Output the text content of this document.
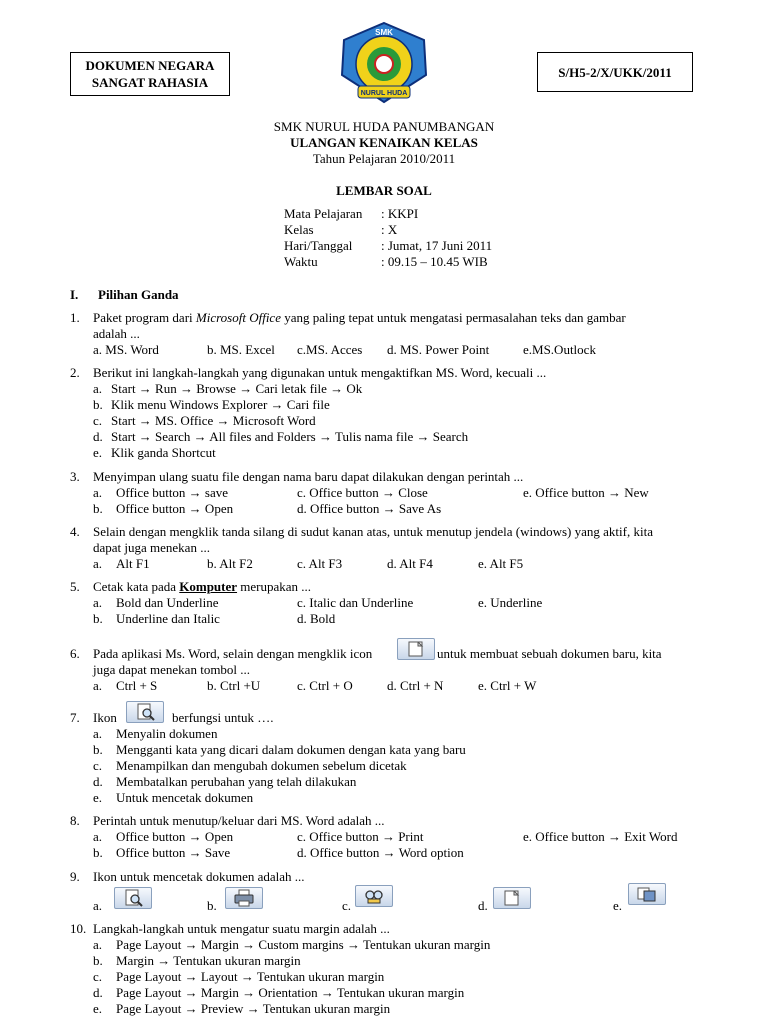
DOKUMEN NEGARA
SANGAT RAHASIA
SMK
NURUL HUDA
S/H5-2/X/UKK/2011
SMK NURUL HUDA PANUMBANGAN
ULANGAN KENAIKAN KELAS
Tahun Pelajaran 2010/2011
LEMBAR SOAL
Mata Pelajaran : KKPI
Kelas	: X
Hari/Tanggal : Jumat, 17 Juni 2011
Waktu	: 09.15 – 10.45 WIB
I. Pilihan Ganda
1. Paket program dari Microsoft Office yang paling tepat untuk mengatasi permasalahan teks dan gambar
adalah ...
a. MS. Word	b. MS. Excel c.MS. Acces d. MS. Power Point	e.MS.Outlock
2. Berikut ini langkah-langkah yang digunakan untuk mengaktifkan MS. Word, kecuali ...
a. Start → Run → Browse → Cari letak file → Ok
b. Klik menu Windows Explorer → Cari file
c. Start → MS. Office → Microsoft Word
d. Start → Search → All files and Folders → Tulis nama file → Search
e. Klik ganda Shortcut
3. Menyimpan ulang suatu file dengan nama baru dapat dilakukan dengan perintah ...
a. Office button → save	c. Office button → Close	e. Office button → New
b. Office button → Open	d. Office button → Save As
4. Selain dengan mengklik tanda silang di sudut kanan atas, untuk menutup jendela (windows) yang aktif, kita
dapat juga menekan ...
a. Alt F1	b. Alt F2	c. Alt F3	d. Alt F4	e. Alt F5
5. Cetak kata pada Komputer merupakan ...
a. Bold dan Underline	c. Italic dan Underline	e. Underline
b. Underline dan Italic	d. Bold
6. Pada aplikasi Ms. Word, selain dengan mengklik icon	untuk membuat sebuah dokumen baru, kita
juga dapat menekan tombol ...
a. Ctrl + S	b. Ctrl +U	c. Ctrl + O	d. Ctrl + N	e. Ctrl + W
7. Ikon	berfungsi untuk ….
a. Menyalin dokumen
b. Mengganti kata yang dicari dalam dokumen dengan kata yang baru
c. Menampilkan dan mengubah dokumen sebelum dicetak
d. Membatalkan perubahan yang telah dilakukan
e. Untuk mencetak dokumen
8. Perintah untuk menutup/keluar dari MS. Word adalah ...
a. Office button → Open	c. Office button → Print	e. Office button → Exit Word
b. Office button → Save	d. Office button → Word option
9. Ikon untuk mencetak dokumen adalah ...
a.	b.	c.	d.	e.
10. Langkah-langkah untuk mengatur suatu margin adalah ...
a. Page Layout → Margin → Custom margins → Tentukan ukuran margin
b. Margin → Tentukan ukuran margin
c. Page Layout → Layout → Tentukan ukuran margin
d. Page Layout → Margin → Orientation → Tentukan ukuran margin
e. Page Layout → Preview → Tentukan ukuran margin
